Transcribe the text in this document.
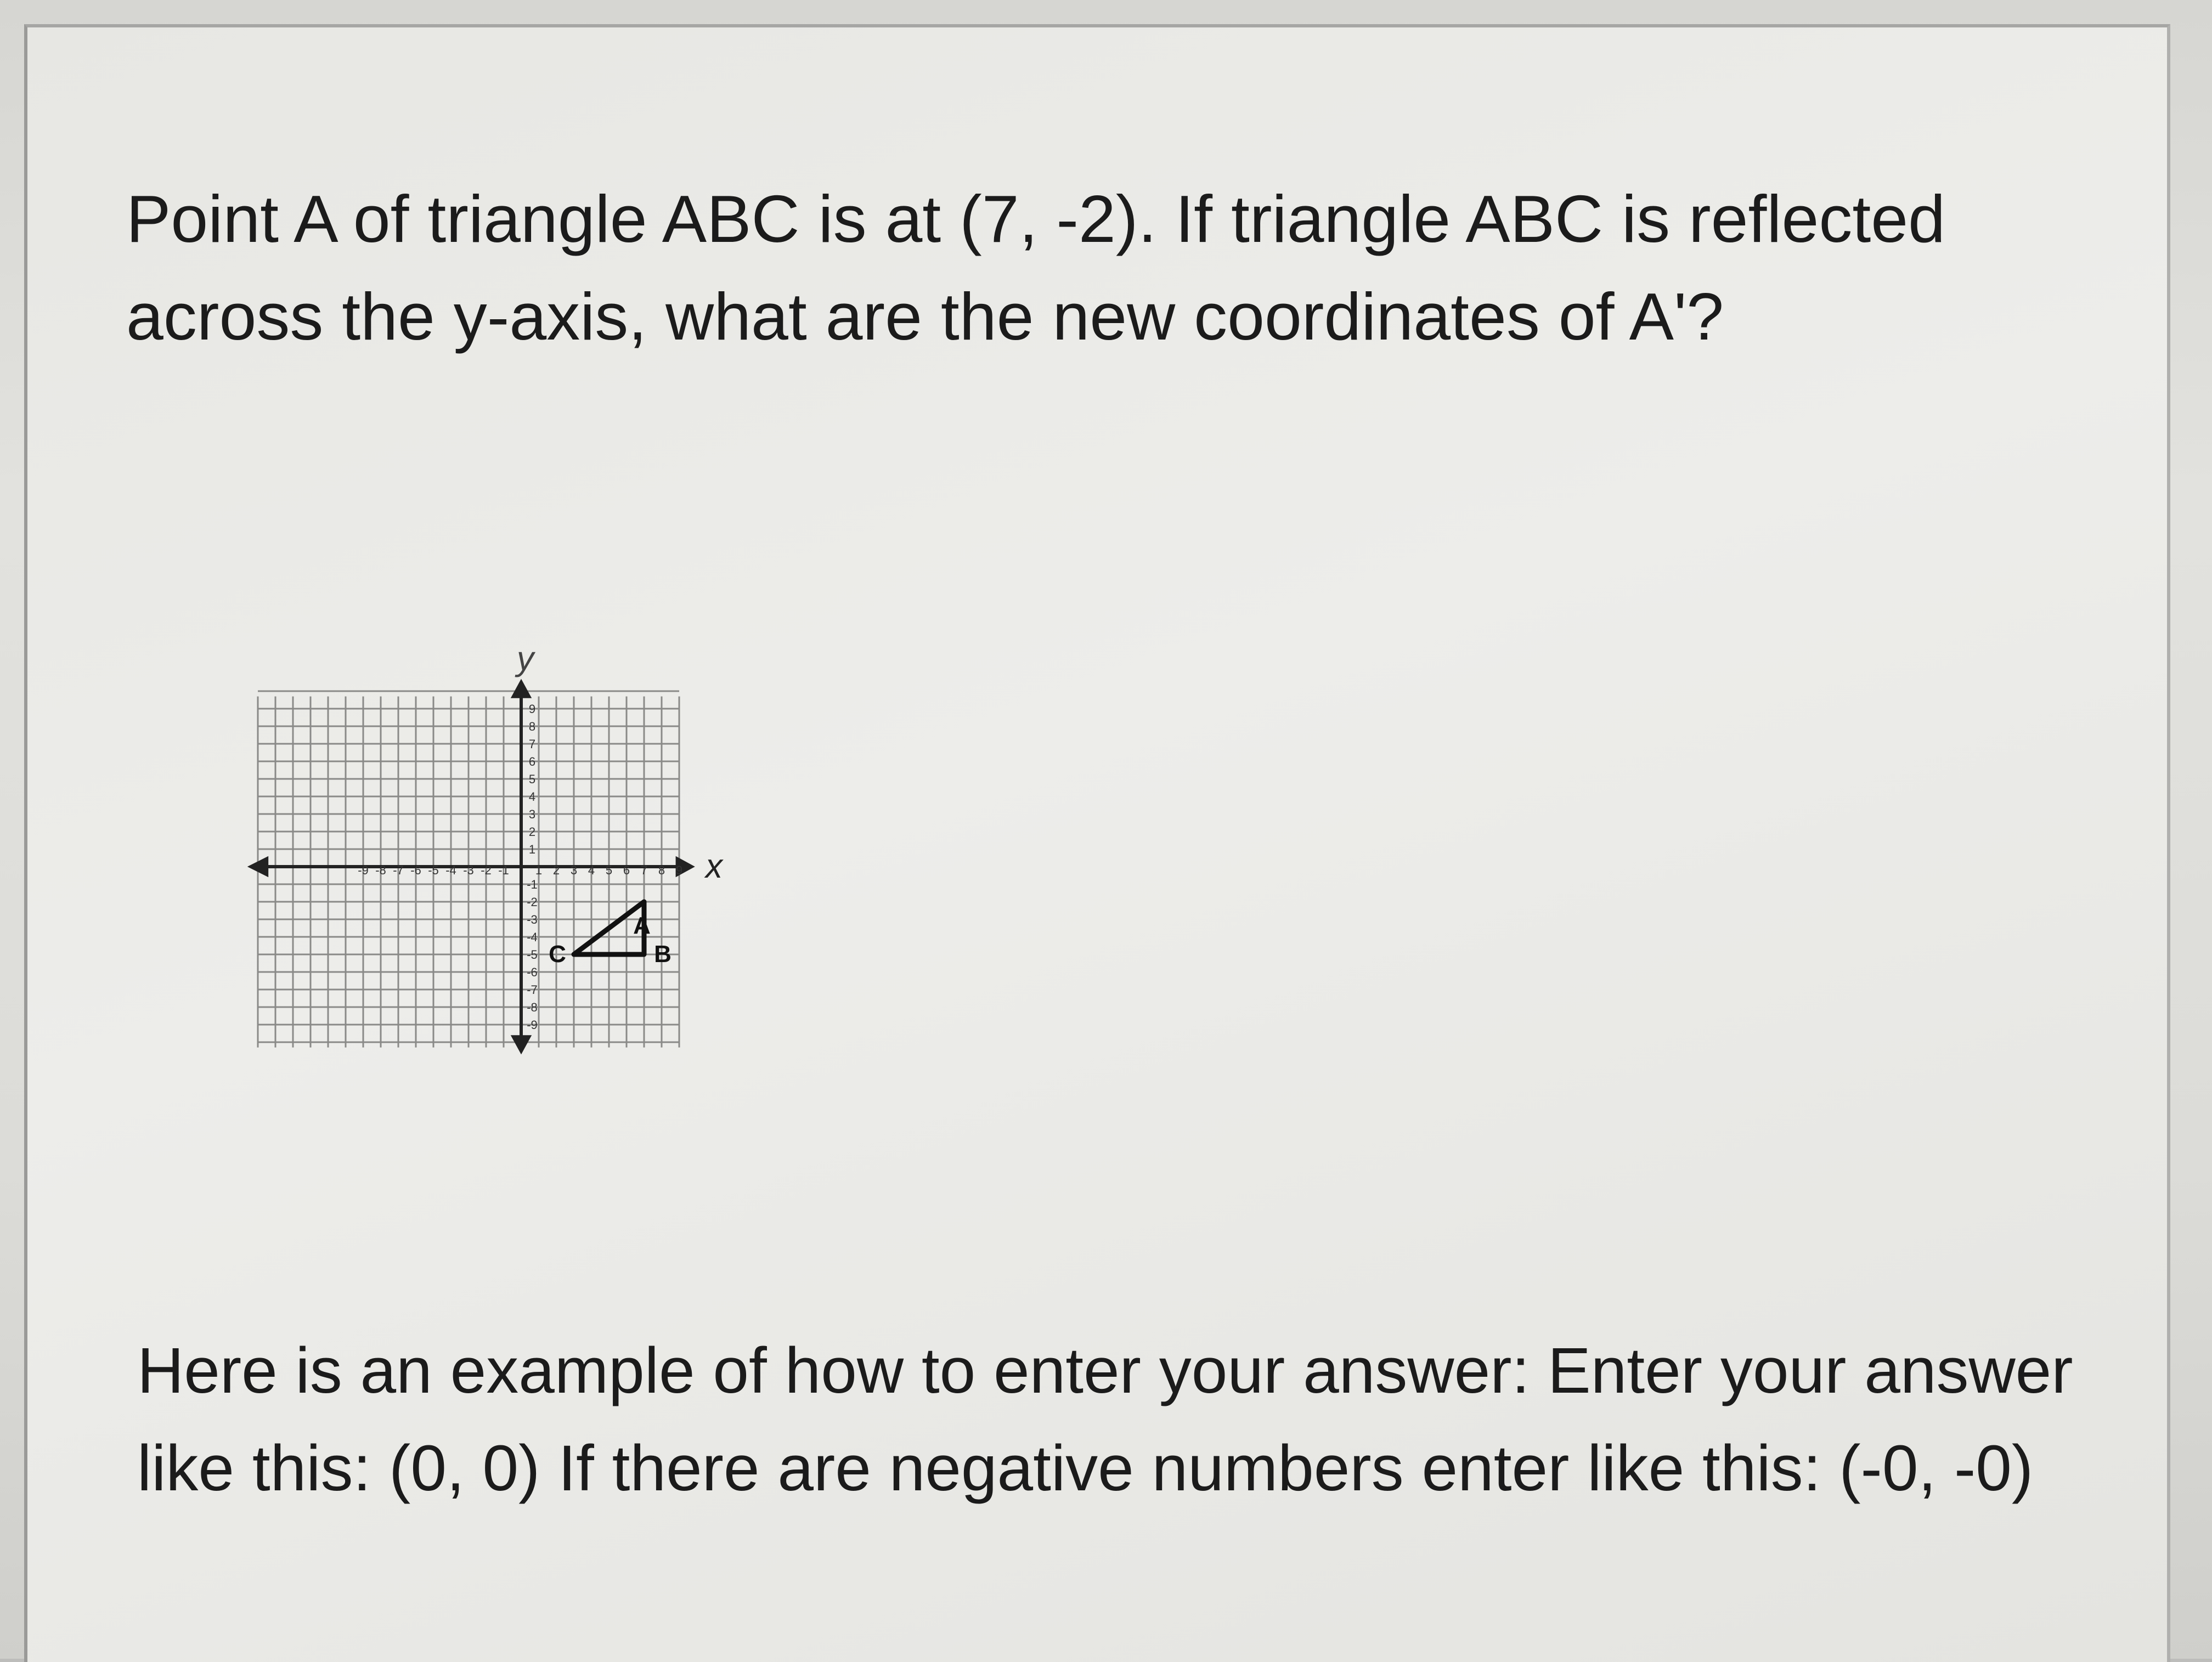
Point A of triangle ABC is at (7, -2). If triangle ABC is reflected
across the y-axis, what are the new coordinates of A'?

-9 -8 -7 -6 -5 -4 -3 -2 -1 1 2 3 4 5 6 7 8 9
9
8
7
6
5
4
3
2
1
-1
-2
-3
-4
-5
-6
-7
-8
-9
A
B
C
x
y

Here is an example of how to enter your answer: Enter your answer
like this: (0, 0) If there are negative numbers enter like this: (-0, -0)
